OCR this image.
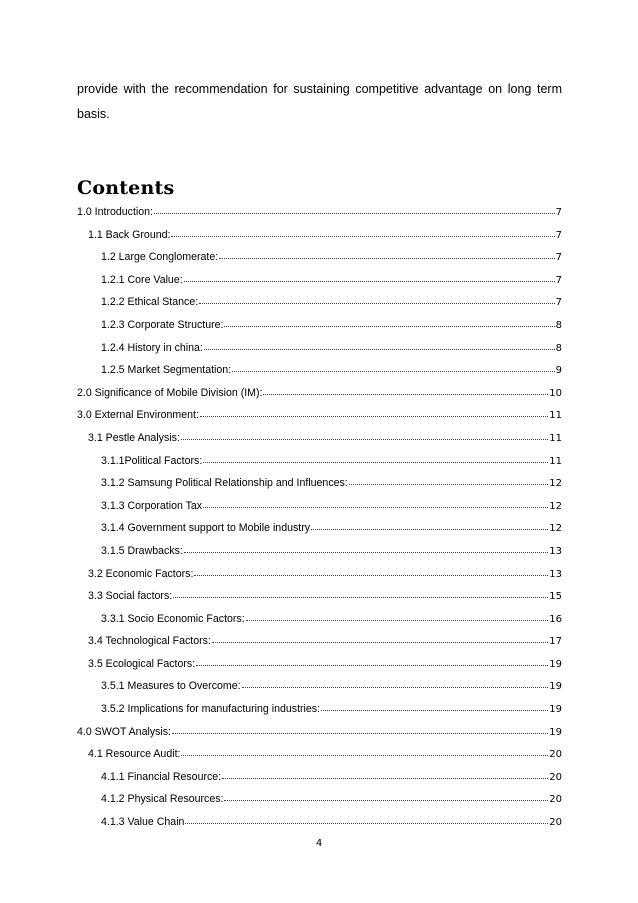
provide with the recommendation for sustaining competitive advantage on long term basis.

Contents
1.0 Introduction:	7
1.1 Back Ground:	7
1.2 Large Conglomerate:	7
1.2.1 Core Value:	7
1.2.2 Ethical Stance:	7
1.2.3 Corporate Structure:	8
1.2.4 History in china:	8
1.2.5 Market Segmentation:	9
2.0 Significance of Mobile Division (IM):	10
3.0 External Environment:	11
3.1 Pestle Analysis:	11
3.1.1Political Factors:	11
3.1.2 Samsung Political Relationship and Influences:	12
3.1.3 Corporation Tax	12
3.1.4 Government support to Mobile industry	12
3.1.5 Drawbacks:	13
3.2 Economic Factors:	13
3.3 Social factors:	15
3.3.1 Socio Economic Factors:	16
3.4 Technological Factors:	17
3.5 Ecological Factors:	19
3.5.1 Measures to Overcome:	19
3.5.2 Implications for manufacturing industries:	19
4.0 SWOT Analysis:	19
4.1 Resource Audit:	20
4.1.1 Financial Resource:	20
4.1.2 Physical Resources:	20
4.1.3 Value Chain	20
4
